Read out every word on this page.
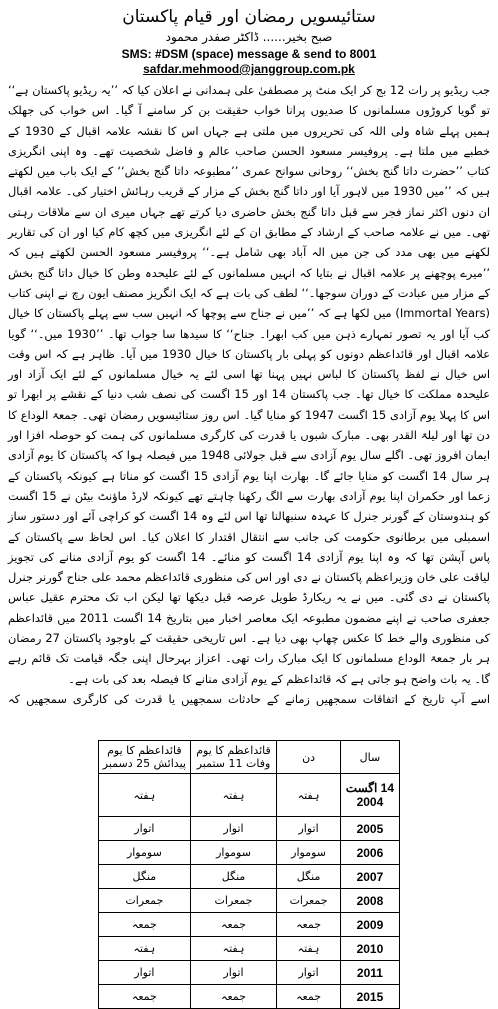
ستائیسویں رمضان اور قیام پاکستان
صبح بخیر...... ڈاکٹر صفدر محمود
SMS: #DSM (space) message & send to 8001
safdar.mehmood@janggroup.com.pk

جب ریڈیو پر رات 12 بج کر ایک منٹ پر مصطفیٰ علی ہمدانی نے اعلان کیا کہ ’’یہ ریڈیو پاکستان ہے‘‘ تو گویا کروڑوں مسلمانوں کا صدیوں پرانا خواب حقیقت بن کر سامنے آ گیا۔ اس خواب کی جھلک ہمیں پہلے شاہ ولی اللہ کی تحریروں میں ملتی ہے جہاں اس کا نقشہ علامہ اقبال کے 1930 کے خطبے میں ملتا ہے۔ پروفیسر مسعود الحسن صاحب عالم و فاضل شخصیت تھے۔ وہ اپنی انگریزی کتاب ’’حضرت داتا گنج بخش‘‘ روحانی سوانح عمری ’’مطبوعہ داتا گنج بخش‘‘ کے ایک باب میں لکھتے ہیں کہ ’’میں 1930 میں لاہور آیا اور داتا گنج بخش کے مزار کے قریب رہائش اختیار کی۔ علامہ اقبال ان دنوں اکثر نماز فجر سے قبل داتا گنج بخش حاضری دیا کرتے تھے جہاں میری ان سے ملاقات رہتی تھی۔ میں نے علامہ صاحب کے ارشاد کے مطابق ان کے لئے انگریزی میں کچھ کام کیا اور ان کی تقاریر لکھنے میں بھی مدد کی جن میں الہ آباد بھی شامل ہے۔‘‘ پروفیسر مسعود الحسن لکھتے ہیں کہ ’’میرے پوچھنے پر علامہ اقبال نے بتایا کہ انہیں مسلمانوں کے لئے علیحدہ وطن کا خیال داتا گنج بخش کے مزار میں عبادت کے دوران سوجھا۔‘‘ لطف کی بات ہے کہ ایک انگریز مصنف ایون رچ نے اپنی کتاب (Immortal Years) میں لکھا ہے کہ ’’میں نے جناح سے پوچھا کہ انہیں سب سے پہلے پاکستان کا خیال کب آیا اور یہ تصور تمہارے ذہن میں کب ابھرا۔ جناح‘‘ کا سیدھا سا جواب تھا۔ ’’1930 میں۔‘‘ گویا علامہ اقبال اور قائداعظم دونوں کو پہلی بار پاکستان کا خیال 1930 میں آیا۔ ظاہر ہے کہ اس وقت اس خیال نے لفظ پاکستان کا لباس نہیں پہنا تھا اسی لئے یہ خیال مسلمانوں کے لئے ایک آزاد اور علیحدہ مملکت کا خیال تھا۔ جب پاکستان 14 اور 15 اگست کی نصف شب دنیا کے نقشے پر ابھرا تو اس کا پہلا یوم آزادی 15 اگست 1947 کو منایا گیا۔ اس روز ستائیسویں رمضان تھی۔ جمعۃ الوداع کا دن تھا اور لیلۃ القدر بھی۔ مبارک شبوں یا قدرت کی کارگری مسلمانوں کی ہمت کو حوصلہ افزا اور ایمان افروز تھی۔ اگلے سال یوم آزادی سے قبل جولائی 1948 میں فیصلہ ہوا کہ پاکستان کا یوم آزادی ہر سال 14 اگست کو منایا جائے گا۔ بھارت اپنا یوم آزادی 15 اگست کو مناتا ہے کیونکہ پاکستان کے زعما اور حکمران اپنا یوم آزادی بھارت سے الگ رکھنا چاہتے تھے کیونکہ لارڈ ماؤنٹ بیٹن نے 15 اگست کو ہندوستان کے گورنر جنرل کا عہدہ سنبھالنا تھا اس لئے وہ 14 اگست کو کراچی آئے اور دستور ساز اسمبلی میں برطانوی حکومت کی جانب سے انتقال اقتدار کا اعلان کیا۔ اس لحاظ سے پاکستان کے پاس آپشن تھا کہ وہ اپنا یوم آزادی 14 اگست کو منائے۔ 14 اگست کو یوم آزادی منانے کی تجویز لیاقت علی خان وزیراعظم پاکستان نے دی اور اس کی منظوری قائداعظم محمد علی جناح گورنر جنرل پاکستان نے دی گئی۔ میں نے یہ ریکارڈ طویل عرصہ قبل دیکھا تھا لیکن اب تک محترم عقیل عباس جعفری صاحب نے اپنے مضمون مطبوعہ ایک معاصر اخبار میں بتاریخ 14 اگست 2011 میں قائداعظم کی منظوری والے خط کا عکس چھاپ بھی دیا ہے۔ اس تاریخی حقیقت کے باوجود پاکستان 27 رمضان ہر بار جمعۃ الوداع مسلمانوں کا ایک مبارک رات تھی۔ اعزاز بہرحال اپنی جگہ قیامت تک قائم رہے گا۔ یہ بات واضح ہو جاتی ہے کہ قائداعظم کے یوم آزادی منانے کا فیصلہ بعد کی بات ہے۔

اسے آپ تاریخ کے اتفاقات سمجھیں زمانے کے حادثات سمجھیں یا قدرت کی کارگری سمجھیں کہ

سال	دن	قائداعظم کا یوم وفات 11 ستمبر	قائداعظم کا یوم پیدائش 25 دسمبر
14 اگست 2004	ہفتہ	ہفتہ	ہفتہ
2005	اتوار	اتوار	اتوار
2006	سوموار	سوموار	سوموار
2007	منگل	منگل	منگل
2008	جمعرات	جمعرات	جمعرات
2009	جمعہ	جمعہ	جمعہ
2010	ہفتہ	ہفتہ	ہفتہ
2011	اتوار	اتوار	اتوار
2015	جمعہ	جمعہ	جمعہ
